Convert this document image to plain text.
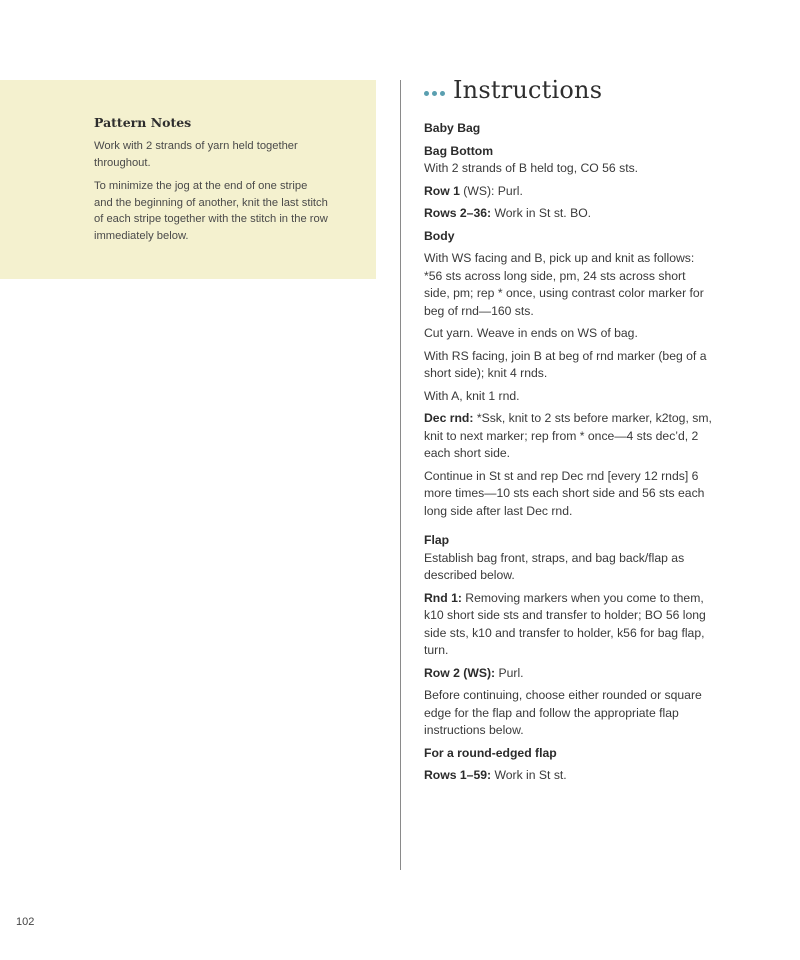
Pattern Notes

Work with 2 strands of yarn held together
throughout.

To minimize the jog at the end of one stripe
and the beginning of another, knit the last stitch
of each stripe together with the stitch in the row
immediately below.

Instructions

Baby Bag

Bag Bottom

With 2 strands of B held tog, CO 56 sts.

Row 1 (WS): Purl.

Rows 2–36: Work in St st. BO.

Body

With WS facing and B, pick up and knit as follows: *56 sts across long side, pm, 24 sts across short side, pm; rep * once, using contrast color marker for beg of rnd—160 sts.

Cut yarn. Weave in ends on WS of bag.

With RS facing, join B at beg of rnd marker (beg of a short side); knit 4 rnds.

With A, knit 1 rnd.

Dec rnd: *Ssk, knit to 2 sts before marker, k2tog, sm, knit to next marker; rep from * once—4 sts dec’d, 2 each short side.

Continue in St st and rep Dec rnd [every 12 rnds] 6 more times—10 sts each short side and 56 sts each long side after last Dec rnd.

Flap

Establish bag front, straps, and bag back/flap as described below.

Rnd 1: Removing markers when you come to them, k10 short side sts and transfer to holder; BO 56 long side sts, k10 and transfer to holder, k56 for bag flap, turn.

Row 2 (WS): Purl.

Before continuing, choose either rounded or square edge for the flap and follow the appropriate flap instructions below.

For a round-edged flap

Rows 1–59: Work in St st.

102
